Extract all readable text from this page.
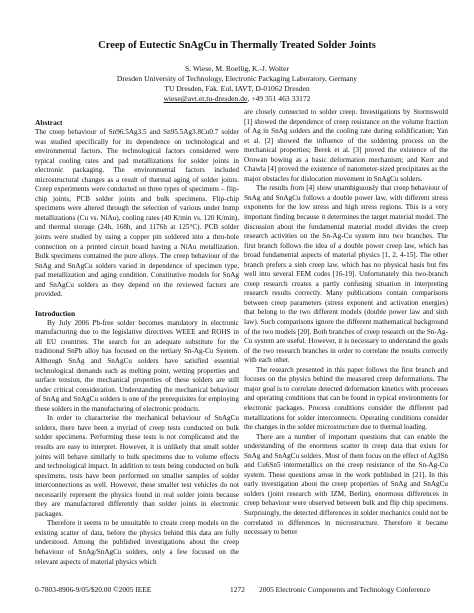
Creep of Eutectic SnAgCu in Thermally Treated Solder Joints
S. Wiese, M. Roellig, K.-J. Wolter
Dresden University of Technology, Electronic Packaging Laboratory, Germany
TU Dresden, Fak. Eul, IAVT, D-01062 Dresden
wiese@avt.et.tu-dresden.de, +49 351 463 33172
Abstract

The creep behaviour of Sn96.5Ag3.5 and Sn95.5Ag3.8Cu0.7 solder was studied specifically for its dependence on technological and environmental factors. The technological factors considered were typical cooling rates and pad metallizations for solder joints in electronic packaging. The environmental factors included microstructural changes as a result of thermal aging of solder joints. Creep experiments were conducted on three types of specimens – flip-chip joints, PCB solder joints and bulk specimens. Flip-chip specimens were altered through the selection of various under bump metallizations (Cu vs. NiAu), cooling rates (40 K/min vs. 120 K/min), and thermal storage (24h, 168h, and 1176h at 125°C). PCB solder joints were studied by using a copper pin soldered into a thru-hole connection on a printed circuit board having a NiAu metallization. Bulk specimens contained the pure alloys. The creep behaviour of the SnAg and SnAgCu solders varied in dependence of specimen type, pad metallization and aging condition. Constitutive models for SnAg and SnAgCu solders as they depend on the reviewed factors are provided.

Introduction

By July 2006 Pb-free solder becomes mandatory in electronic manufacturing due to the legislative directives WEEE and ROHS in all EU countries. The search for an adequate substitute for the traditional SnPb alloy has focused on the tertiary Sn-Ag-Cu System. Although SnAg and SnAgCu solders have satisfied essential technological demands such as melting point, wetting properties and surface tension, the mechanical properties of these solders are still under critical consideration. Understanding the mechanical behaviour of SnAg and SnAgCu solders is one of the prerequisites for employing these solders in the manufacturing of electronic products.

In order to characterise the mechanical behaviour of SnAgCu solders, there have been a myriad of creep tests conducted on bulk solder specimens. Performing these tests is not complicated and the results are easy to interpret. However, it is unlikely that small solder joints will behave similarly to bulk specimens due to volume effects and technological impact. In addition to tests being conducted on bulk specimens, tests have been performed on smaller samples of solder interconnections as well. However, these smaller test vehicles do not necessarily represent the physics found in real solder joints because they are manufactured differently than solder joints in electronic packages.

Therefore it seems to be unsuitable to create creep models on the existing scatter of data, before the physics behind this data are fully understood. Among the published investigations about the creep behaviour of SnAg/SnAgCu solders, only a few focused on the relevant aspects of material physics which

are closely connected to solder creep. Investigations by Stormswold [1] showed the dependence of creep resistance on the volume fraction of Ag in SnAg solders and the cooling rate during solidification; Yan et al. [2] showed the influence of the soldering process on the mechanical properties; Berek et al. [3] proved the existence of the Orowan bowing as a basic deformation mechanism; and Kerr and Chawla [4] proved the existence of nanometer-sized precipitates as the major obstacles for dislocation movement in SnAgCu solders.

The results from [4] show unambiguously that creep behaviour of SnAg and SnAgCu follows a double power law, with different stress exponents for the low stress and high stress regions. This is a very important finding because it determines the target material model. The discussion about the fundamental material model divides the creep research activities on the Sn-Ag-Cu system into two branches. The first branch follows the idea of a double power creep law, which has broad fundamental aspects of material physics [1, 2, 4-15]. The other branch prefers a sinh creep law, which has no physical basis but fits well into several FEM codes [16-19]. Unfortunately this two-branch creep research creates a partly confusing situation in interpreting research results correctly. Many publications contain comparisons between creep parameters (stress exponent and activation energies) that belong to the two different models (double power law and sinh law). Such comparisons ignore the different mathematical background of the two models [20]. Both branches of creep research on the Sn-Ag-Cu system are useful. However, it is necessary to understand the goals of the two research branches in order to correlate the results correctly with each other.

The research presented in this paper follows the first branch and focuses on the physics behind the measured creep deformations. The major goal is to correlate detected deformation kinetics with processes and operating conditions that can be found in typical environments for electronic packages. Process conditions consider the different pad metallizations for solder interconnects. Operating conditions consider the changes in the solder microstructure due to thermal loading.

There are a number of important questions that can enable the understanding of the enormous scatter in creep data that exists for SnAg and SnAgCu solders. Most of them focus on the effect of Ag3Sn and Cu6Sn5 intermetallics on the creep resistance of the Sn-Ag-Cu system. These questions arose in the work published in [21]. In this early investigation about the creep properties of SnAg and SnAgCu solders (joint research with IZM, Berlin), enormous differences in creep behaviour were observed between bulk and flip chip specimens. Surprisingly, the detected differences in solder mechanics could not be correlated to differences in microstructure. Therefore it became necessary to better

0-7803-8906-9/05/$20.00 ©2005 IEEE	1272 2005 Electronic Components and Technology Conference
